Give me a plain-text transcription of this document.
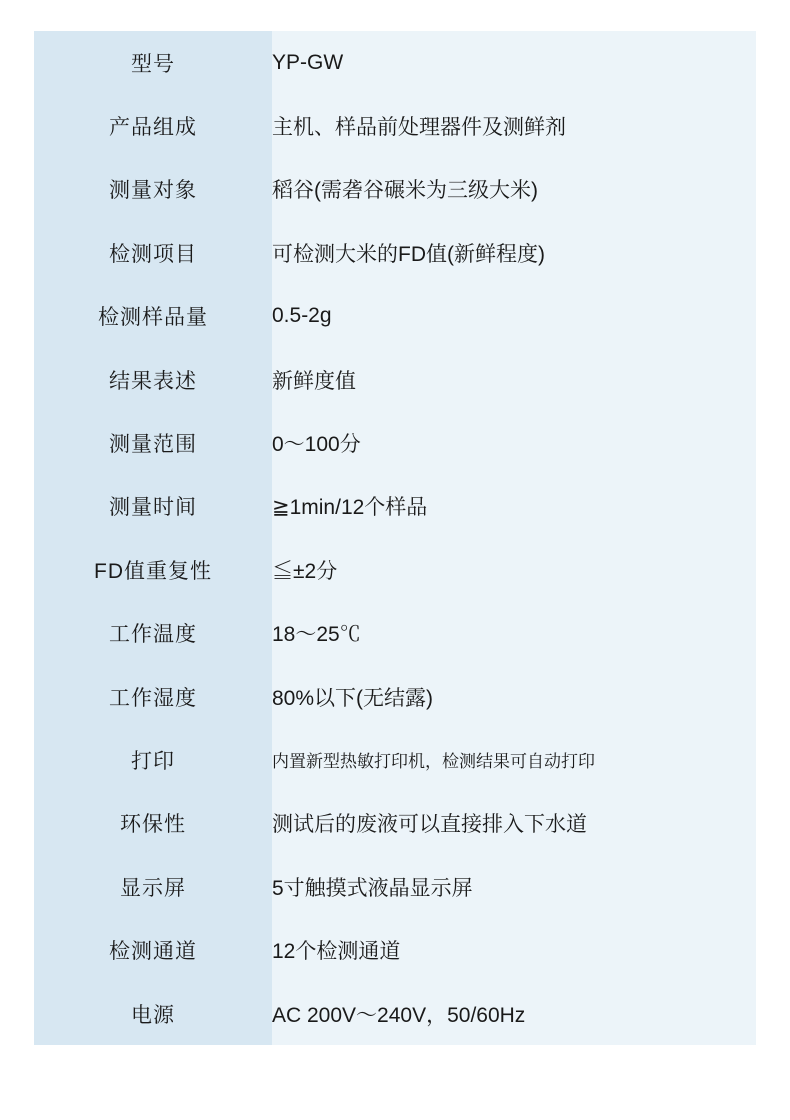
型号	YP-GW
产品组成	主机、样品前处理器件及测鲜剂
测量对象	稻谷(需砻谷碾米为三级大米)
检测项目	可检测大米的FD值(新鲜程度)
检测样品量	0.5-2g
结果表述	新鲜度值
测量范围	0～100分
测量时间	≧1min/12个样品
FD值重复性	≦±2分
工作温度	18～25℃
工作湿度	80%以下(无结露)
打印	内置新型热敏打印机，检测结果可自动打印
环保性	测试后的废液可以直接排入下水道
显示屏	5寸触摸式液晶显示屏
检测通道	12个检测通道
电源	AC 200V～240V，50/60Hz
